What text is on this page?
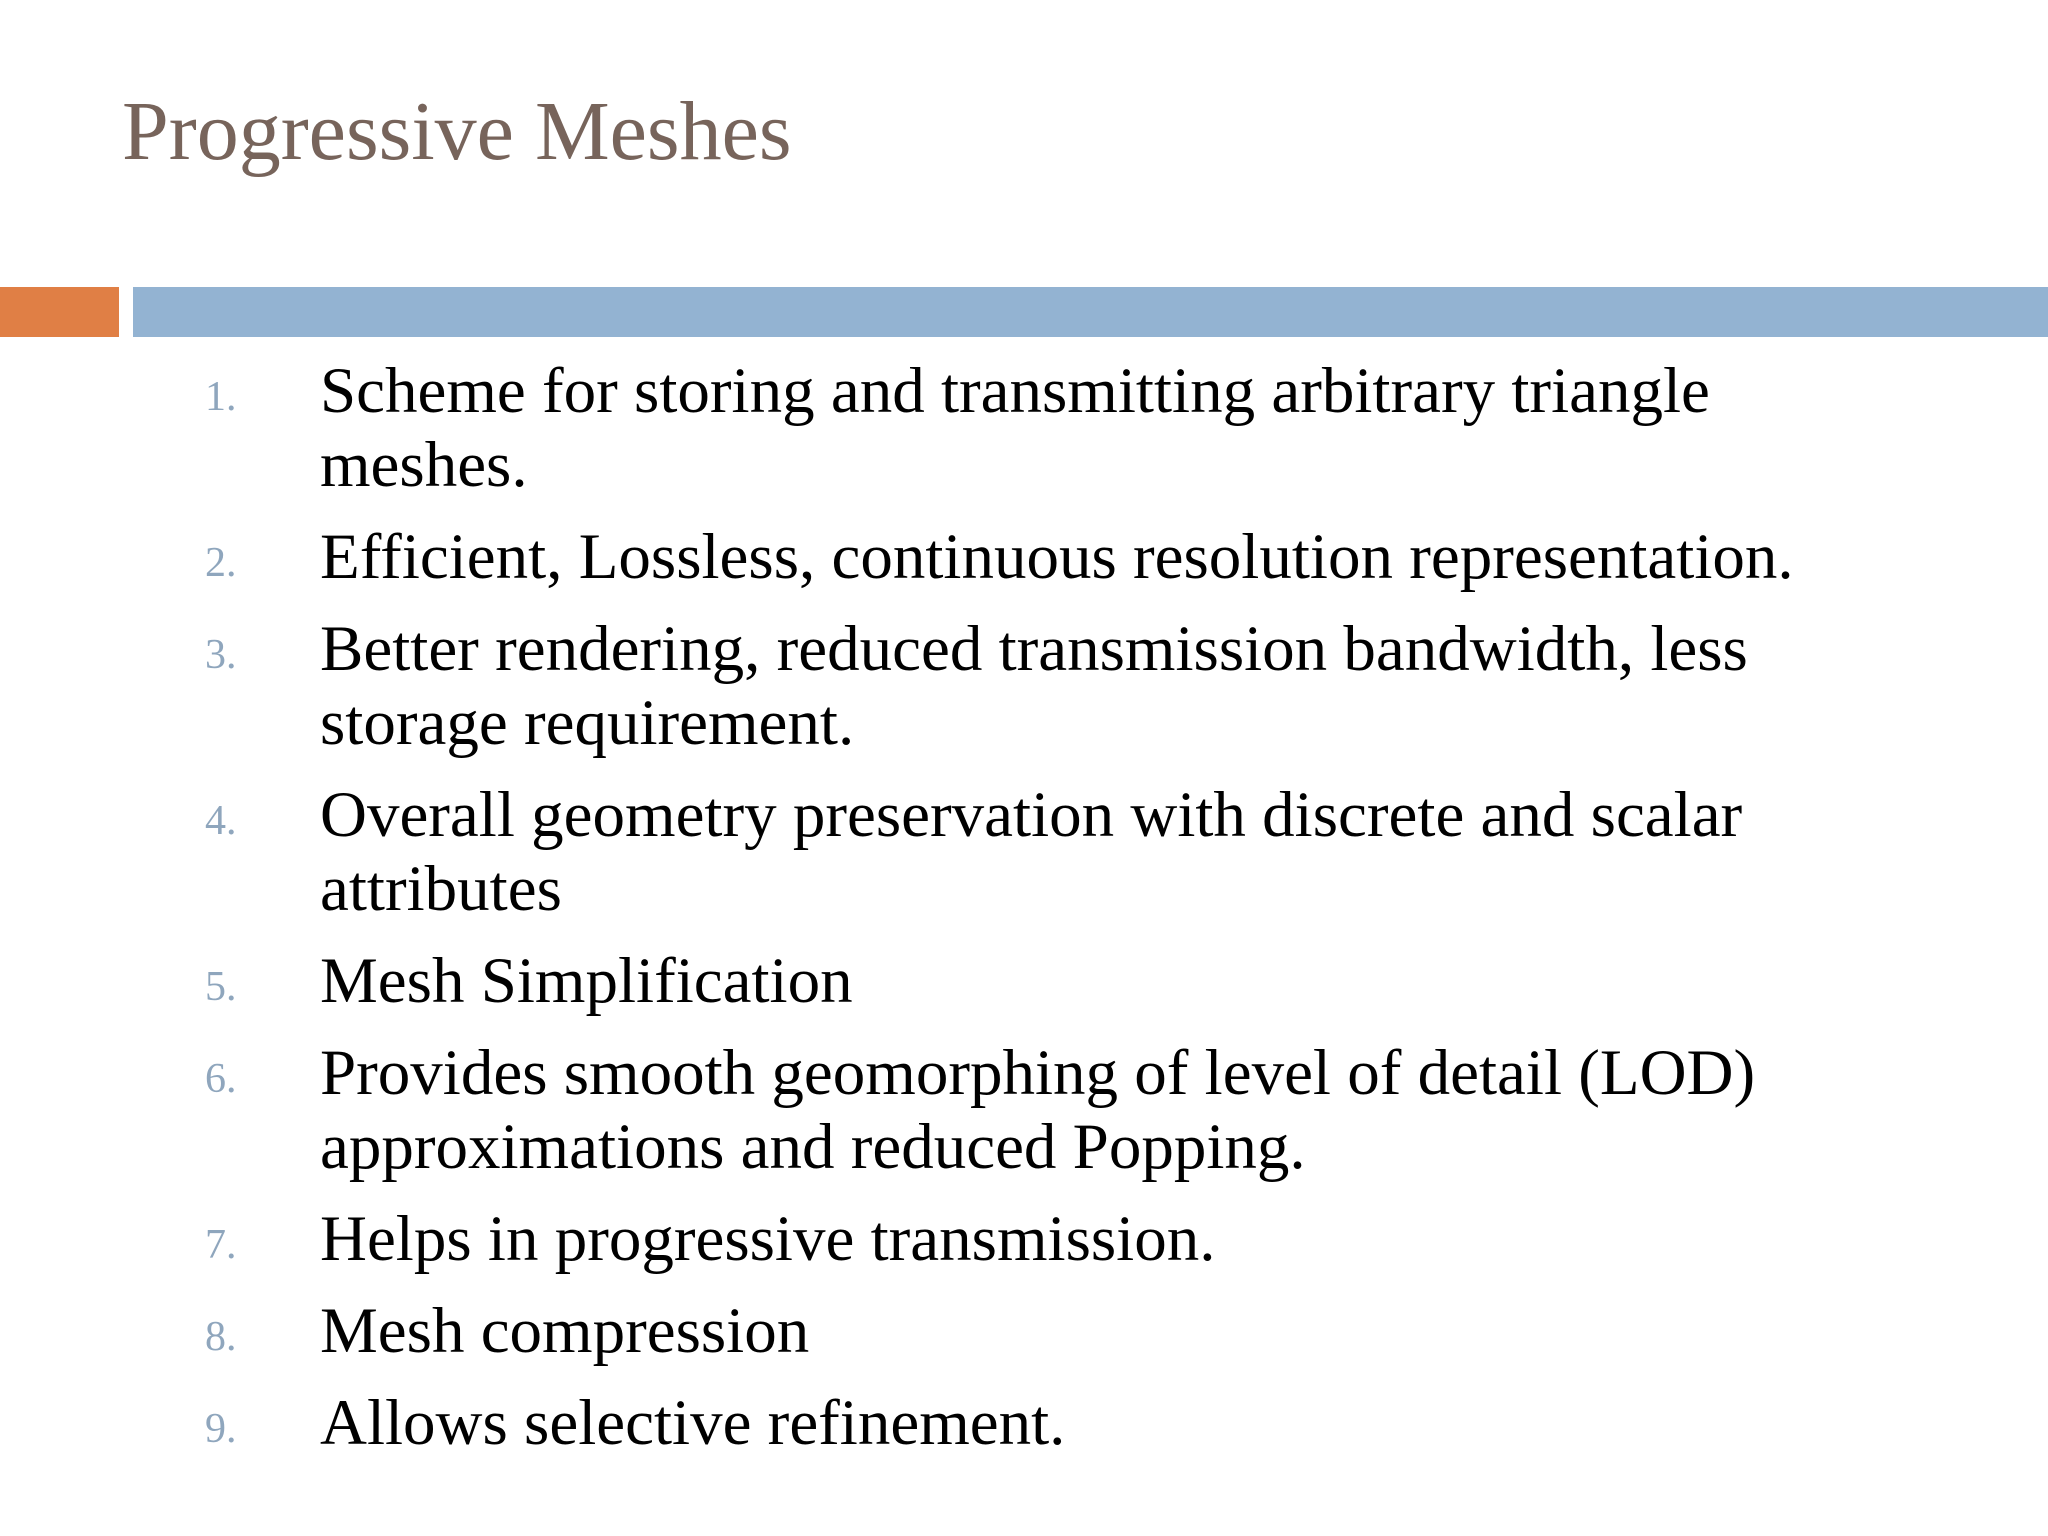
Progressive Meshes
1. Scheme for storing and transmitting arbitrary triangle meshes.
2. Efficient, Lossless, continuous resolution representation.
3. Better rendering, reduced transmission bandwidth, less storage requirement.
4. Overall geometry preservation with discrete and scalar attributes
5. Mesh Simplification
6. Provides smooth geomorphing of level of detail (LOD) approximations and reduced Popping.
7. Helps in progressive transmission.
8. Mesh compression
9. Allows selective refinement.
